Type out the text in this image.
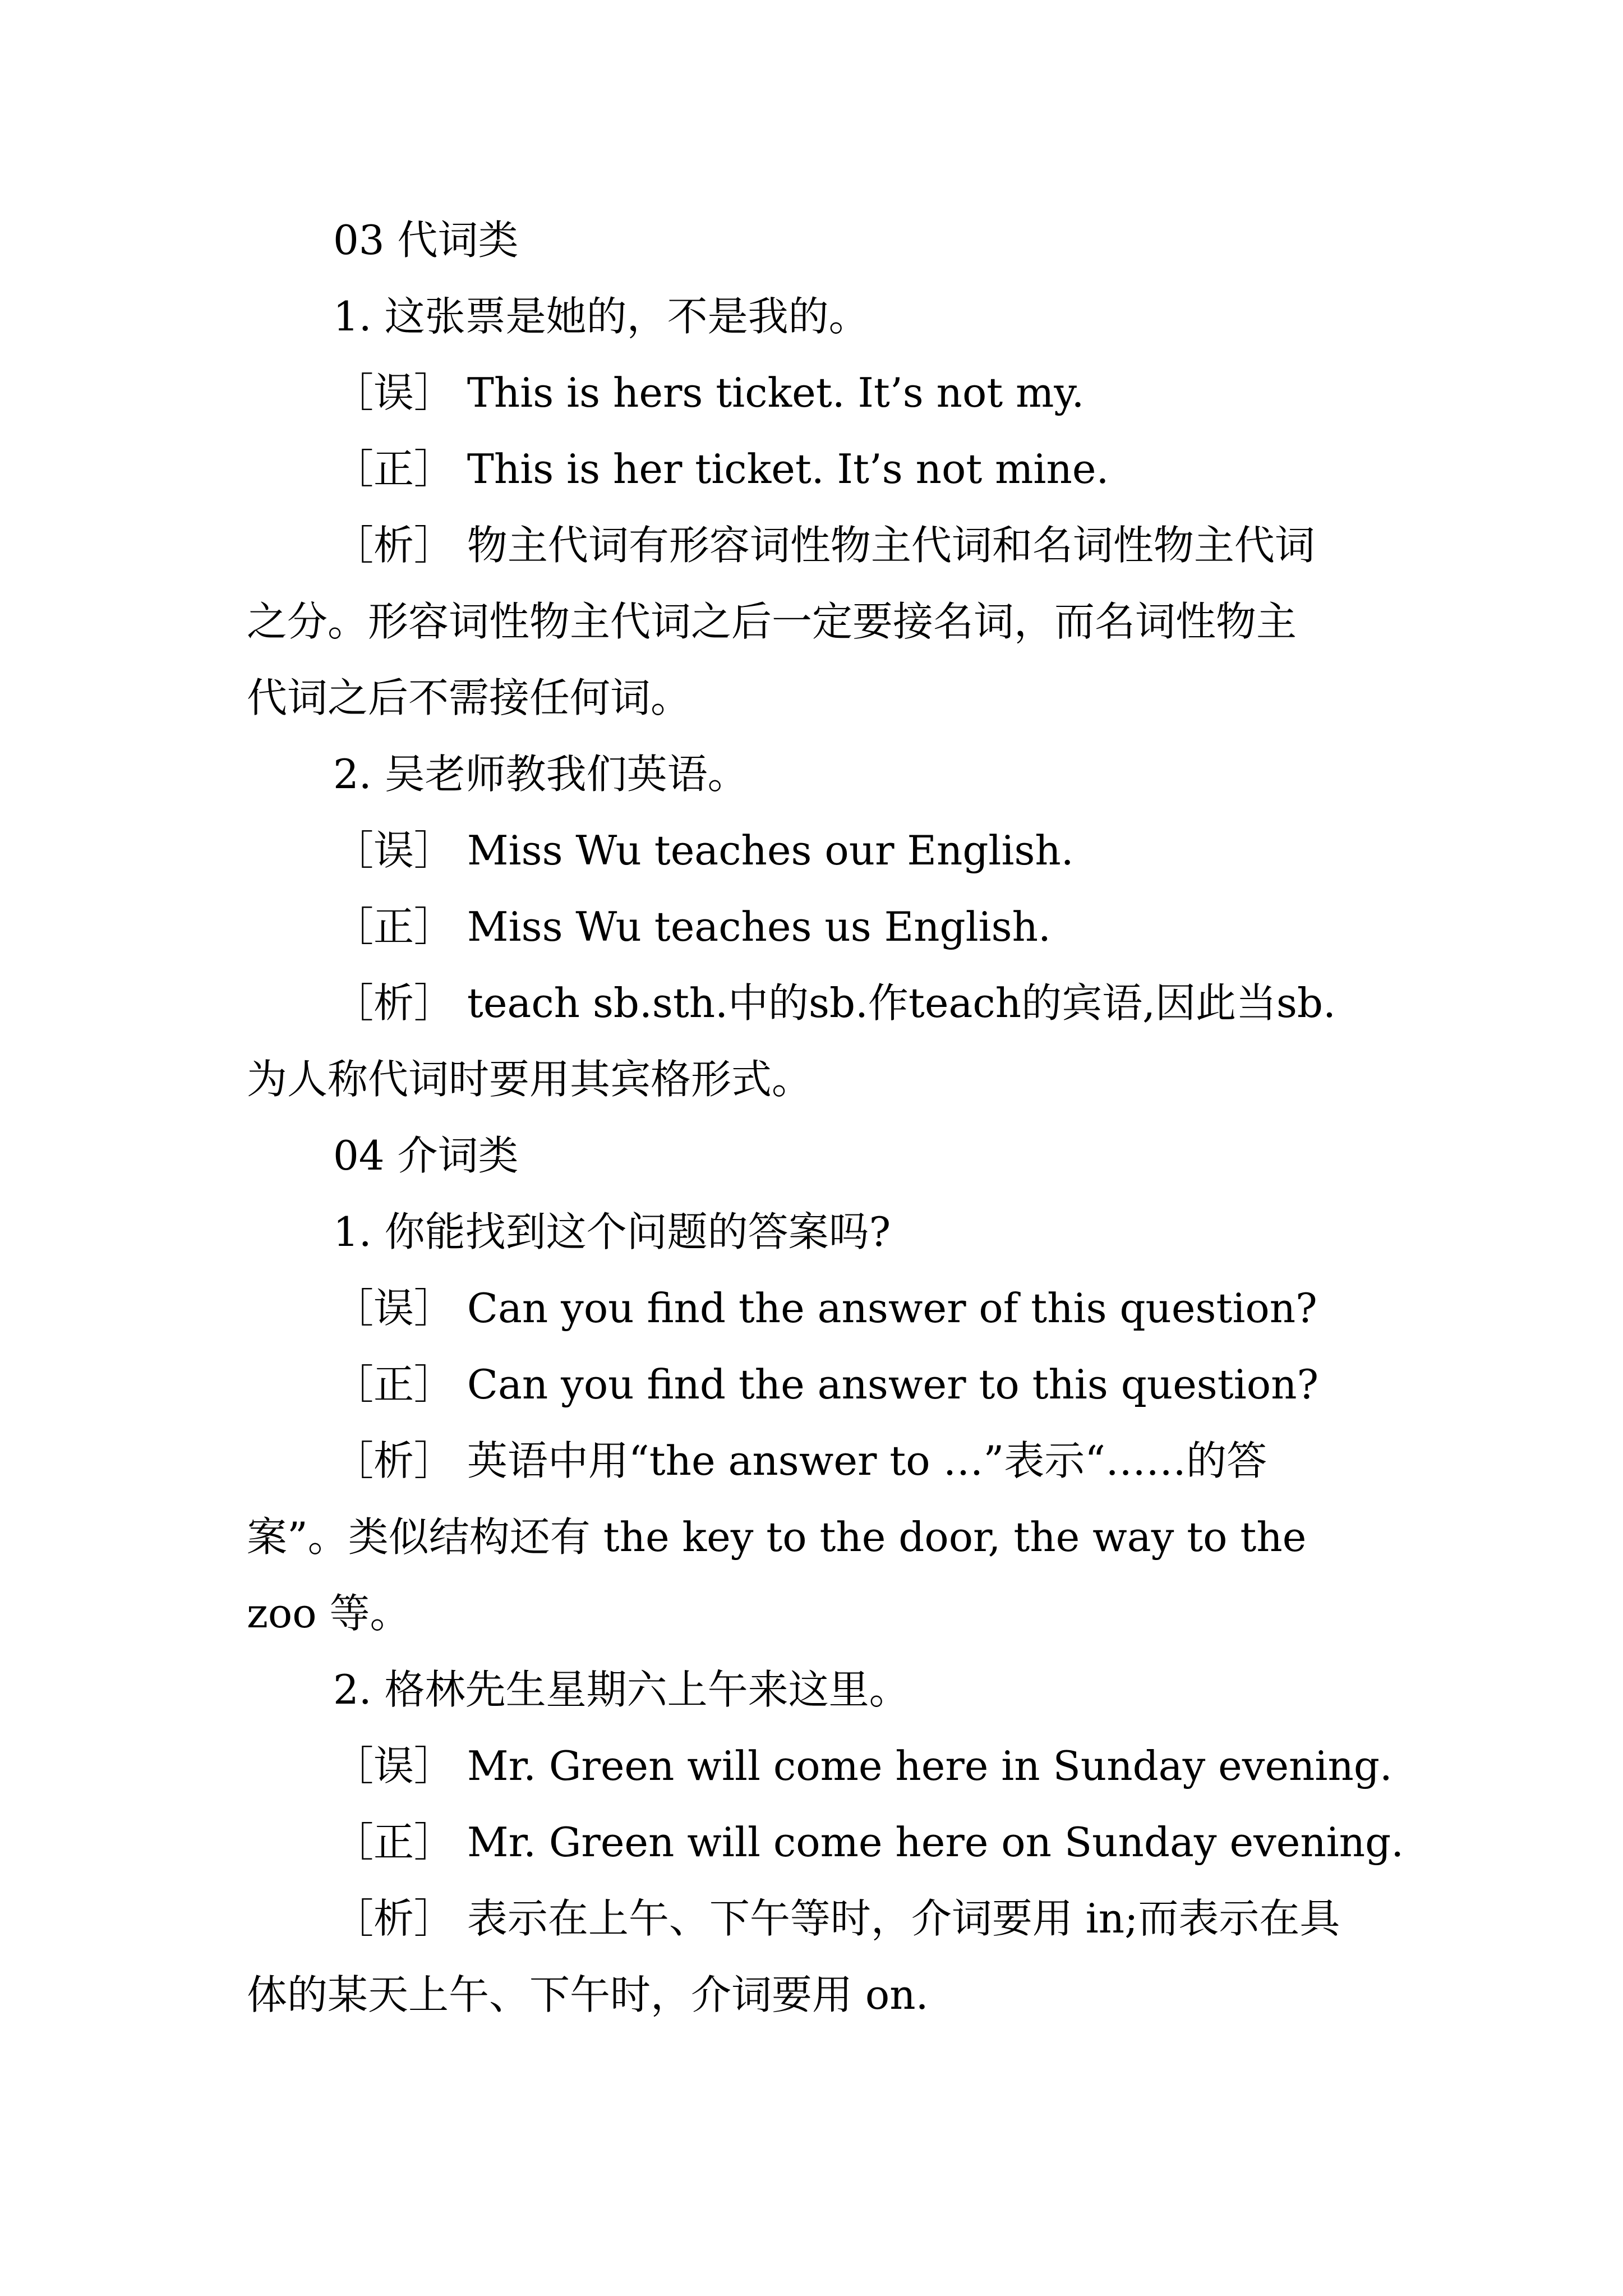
03 代词类

1. 这张票是她的，不是我的。

［误］ This is hers ticket. It’s not my.

［正］ This is her ticket. It’s not mine.

［析］ 物主代词有形容词性物主代词和名词性物主代词

之分。形容词性物主代词之后一定要接名词，而名词性物主

代词之后不需接任何词。

2. 吴老师教我们英语。

［误］ Miss Wu teaches our English.

［正］ Miss Wu teaches us English.

［析］ teach sb.sth.中的sb.作teach的宾语,因此当sb.

为人称代词时要用其宾格形式。

04 介词类

1. 你能找到这个问题的答案吗?

［误］ Can you find the answer of this question?

［正］ Can you find the answer to this question?

［析］ 英语中用“the answer to …”表示“……的答

案”。类似结构还有 the key to the door, the way to the

zoo 等。

2. 格林先生星期六上午来这里。

［误］ Mr. Green will come here in Sunday evening.

［正］ Mr. Green will come here on Sunday evening.

［析］ 表示在上午、下午等时，介词要用 in;而表示在具

体的某天上午、下午时，介词要用 on.
